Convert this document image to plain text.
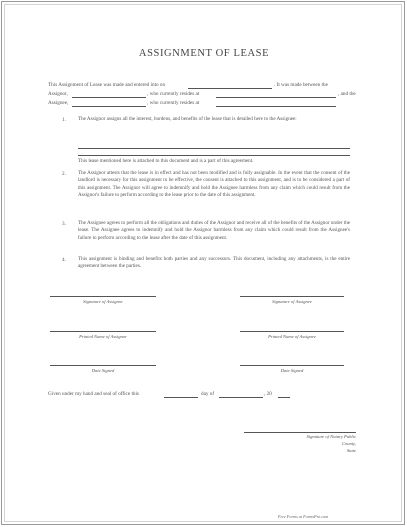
ASSIGNMENT OF LEASE
This Assignment of Lease was made and entered into on	. It was made between the
Assignor,	, who currently resides at	, and the
Assignee,	, who currently resides at
1. The Assignor assigns all the interest, burdens, and benefits of the lease that is detailed here to the Assignee:
This lease mentioned here is attached to this document and is a part of this agreement.
2. The Assignor attests that the lease is in effect and has not been modified and is fully assignable. In the event that the consent of the landlord is necessary for this assignment to be effective, the consent is attached to this assignment, and is to be considered a part of this assignment. The Assignor will agree to indemnify and hold the Assignee harmless from any claim which could result from the Assignor's failure to perform according to the lease prior to the date of this assignment.
3. The Assignee agrees to perform all the obligations and duties of the Assignor and receive all of the benefits of the Assignor under the lease. The Assignee agrees to indemnify and hold the Assignor harmless from any claim which could result from the Assignee's failure to perform according to the lease after the date of this assignment.
4. This assignment is binding and benefits both parties and any successors. This document, including any attachments, is the entire agreement between the parties.
Signature of Assignor	Signature of Assignee
Printed Name of Assignor	Printed Name of Assignee
Date Signed	Date Signed
Given under my hand and seal of office this	day of	, 20
Signature of Notary Public
County,
State
Free Forms at FormsPro.com
